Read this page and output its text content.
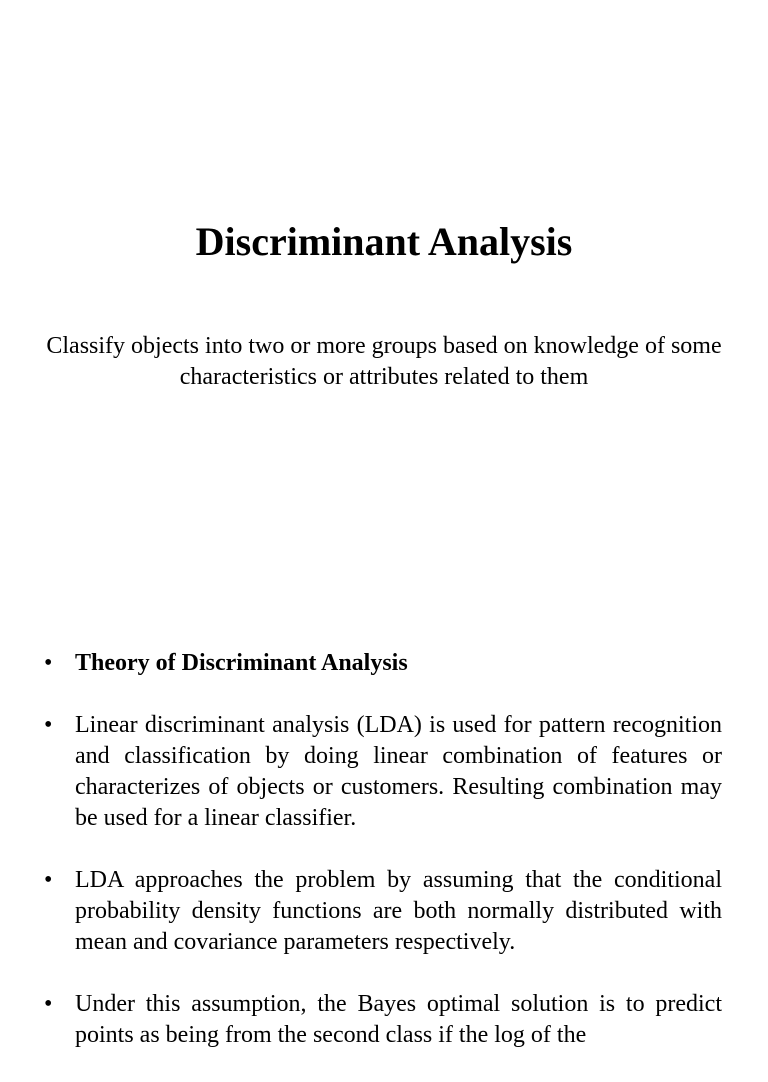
Discriminant Analysis

Classify objects into two or more groups based on knowledge of some characteristics or attributes related to them

• Theory of Discriminant Analysis
• Linear discriminant analysis (LDA) is used for pattern recognition and classification by doing linear combination of features or characterizes of objects or customers. Resulting combination may be used for a linear classifier.
• LDA approaches the problem by assuming that the conditional probability density functions are both normally distributed with mean and covariance parameters respectively.
• Under this assumption, the Bayes optimal solution is to predict points as being from the second class if the log of the
